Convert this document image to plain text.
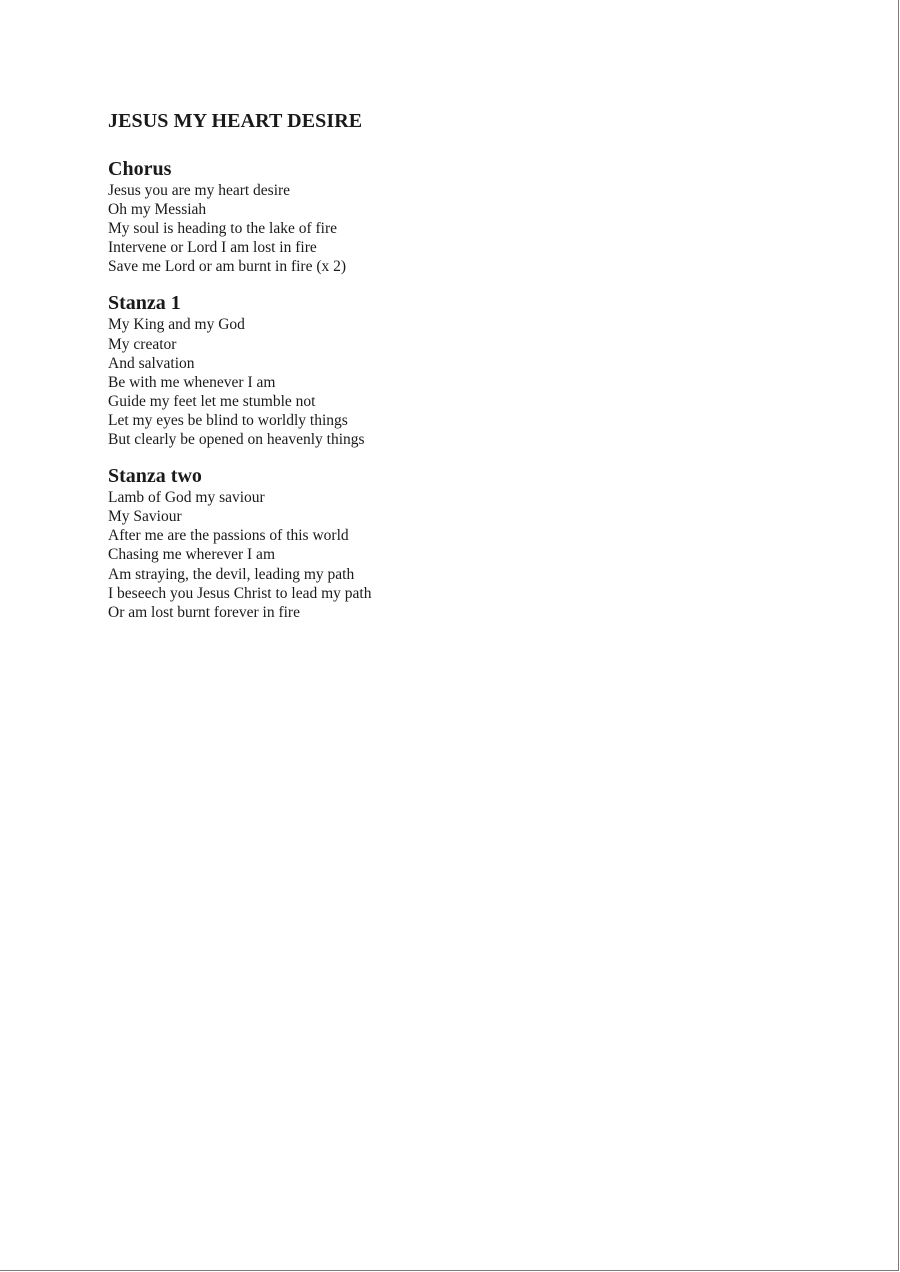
JESUS MY HEART DESIRE
Chorus
Jesus you are my heart desire
Oh my Messiah
My soul is heading to the lake of fire
Intervene or Lord I am lost in fire
Save me Lord or am burnt in fire (x 2)
Stanza 1
My King and my God
My creator
And salvation
Be with me whenever I am
Guide my feet let me stumble not
Let my eyes be blind to worldly things
But clearly be opened on heavenly things
Stanza two
Lamb of God my saviour
My Saviour
After me are the passions of this world
Chasing me wherever I am
Am straying, the devil, leading my path
I beseech you Jesus Christ to lead my path
Or am lost burnt forever in fire
